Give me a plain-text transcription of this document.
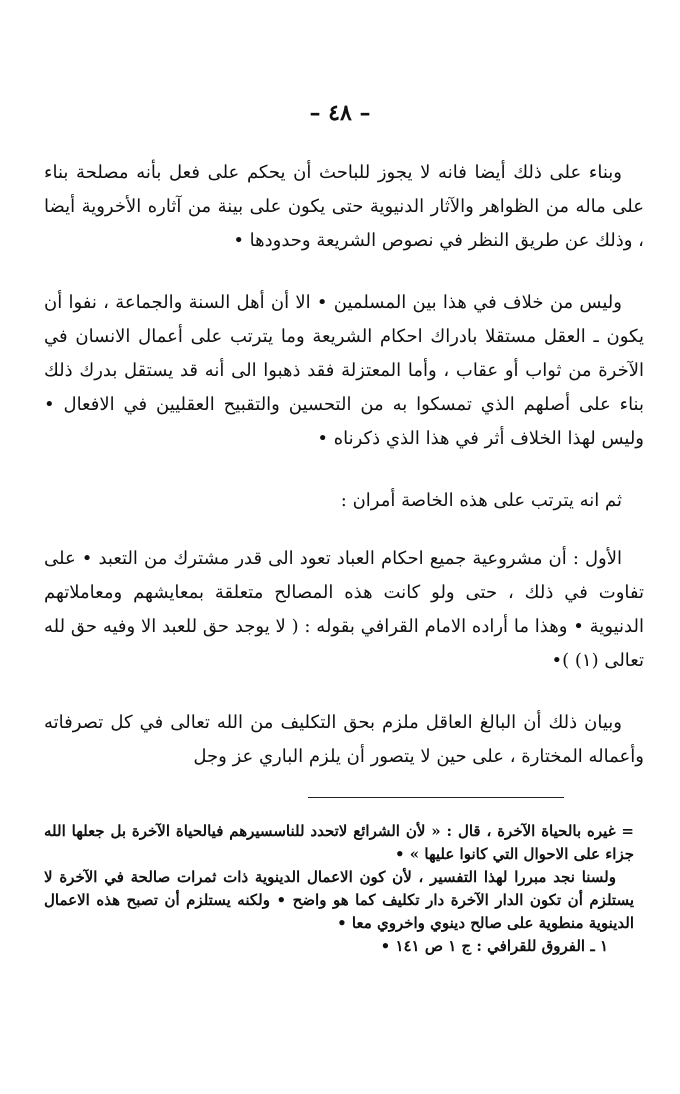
– ٤٨ –

وبناء على ذلك أيضا فانه لا يجوز للباحث أن يحكم على فعل بأنه مصلحة بناء على ماله من الظواهر والآثار الدنيوية حتى يكون على بينة من آثاره الأخروية أيضا ، وذلك عن طريق النظر في نصوص الشريعة وحدودها •

وليس من خلاف في هذا بين المسلمين • الا أن أهل السنة والجماعة ، نفوا أن يكون ـ العقل مستقلا بادراك احكام الشريعة وما يترتب على أعمال الانسان في الآخرة من ثواب أو عقاب ، وأما المعتزلة فقد ذهبوا الى أنه قد يستقل بدرك ذلك بناء على أصلهم الذي تمسكوا به من التحسين والتقبيح العقليين في الافعال • وليس لهذا الخلاف أثر في هذا الذي ذكرناه •

ثم انه يترتب على هذه الخاصة أمران :

الأول : أن مشروعية جميع احكام العباد تعود الى قدر مشترك من التعبد • على تفاوت في ذلك ، حتى ولو كانت هذه المصالح متعلقة بمعايشهم ومعاملاتهم الدنيوية • وهذا ما أراده الامام القرافي بقوله : ( لا يوجد حق للعبد الا وفيه حق لله تعالى (١) )•

وبيان ذلك أن البالغ العاقل ملزم بحق التكليف من الله تعالى في كل تصرفاته وأعماله المختارة ، على حين لا يتصور أن يلزم الباري عز وجل

= غيره بالحياة الآخرة ، قال : « لأن الشرائع لاتحدد للناسسيرهم فيالحياة الآخرة بل جعلها الله جزاء على الاحوال التي كانوا عليها » •

ولسنا نجد مبررا لهذا التفسير ، لأن كون الاعمال الدينوية ذات ثمرات صالحة في الآخرة لا يستلزم أن تكون الدار الآخرة دار تكليف كما هو واضح • ولكنه يستلزم أن تصبح هذه الاعمال الدينوية منطوية على صالح دينوي واخروي معا •

١ ـ الفروق للقرافي : ج ١ ص ١٤١ •
